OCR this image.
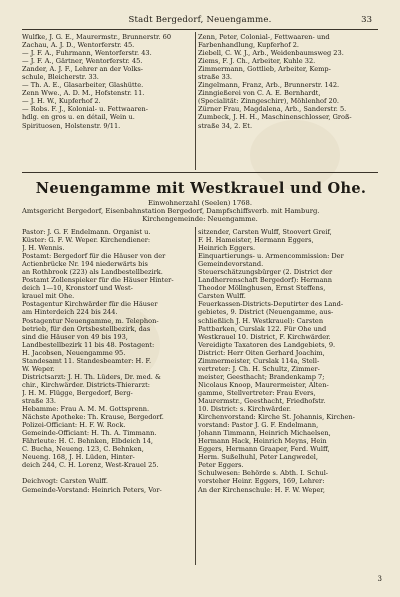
Stadt Bergedorf, Neuengamme.	33
Wulfke, J. G. E., Maurermstr., Brunnerstr. 60
Zachau, A. J. D., Wentorferstr. 45.
— J. F. A., Fuhrmann, Wentorferstr. 43.
— J. F. A., Gärtner, Wentorferstr. 45.
Zander, A. J. F., Lehrer an der Volks-
schule, Bleicherstr. 33.
— Th. A. E., Glasarbeiter, Glashütte.
Zenn Wwe., A. D. M., Hofstenstr. 11.
— J. H. W., Kupferhof 2.
— Robs. F. J., Kolonial- u. Fettwaaren-
hdlg. en gros u. en détail, Wein u.
Spirituosen, Holstenstr. 9/11.
Zenn, Peter, Colonial-, Fettwaaren- und
Farbenhandlung, Kupferhof 2.
Ziebell, C. W. J., Arb., Weidenbaumsweg 23.
Ziems, F. J. Ch., Arbeiter, Kuhle 32.
Zimmermann, Gottlieb, Arbeiter, Kemp-
straße 33.
Zingelmann, Franz, Arb., Brunnerstr. 142.
Zinngießerei von C. A. E. Bernhardt,
(Specialität: Zinngeschirr), Möhlenhof 20.
Zürner Frau, Magdalena, Arb., Sanderstr. 5.
Zumbeck, J. H. H., Maschinenschlosser, Groß-
straße 34, 2. Et.
Neuengamme mit Westkrauel und Ohe.
Einwohnerzahl (Seelen) 1768.
Amtsgericht Bergedorf, Eisenbahnstation Bergedorf, Dampfschiffsverb. mit Hamburg.
Kirchengemeinde: Neuengamme.
Pastor: J. G. F. Endelmann. Organist u.
Küster: G. F. W. Weper. Kirchendiener:
J. H. Wennis.
Postamt: Bergedorf für die Häuser von der
Actienbrücke Nr. 194 niederwärts bis
an Rothbrook (223) als Landbestellbezirk.
Postamt Zollenspieker für die Häuser Hinter-
deich 1—10, Kronstorf und West-
krauel mit Ohe.
Postagentur Kirchwärder für die Häuser
am Hinterdeich 224 bis 244.
Postagentur Neuengamme, m. Telephon-
betrieb, für den Ortsbestellbezirk, das
sind die Häuser von 49 bis 193,
Landbestellbezirk 11 bis 48. Postagent:
H. Jacobsen, Neuengamme 95.
Standesamt 11. Standesbeamter: H. F.
W. Weper.
Districtsarzt: J. H. Th. Lüders, Dr. med. &
chir., Kirchwärder. Districts-Thierarzt:
J. H. M. Flügge, Bergedorf, Berg-
straße 33.
Hebamme: Frau A. M. M. Gottsprenn.
Nächste Apotheke: Th. Krause, Bergedorf.
Polizei-Officiant: H. F. W. Rock.
Gemeinde-Officiant: H. Th. A. Timmann.
Fährleute: H. C. Behnken, Elbdeich 14,
C. Bucha, Neueng. 123, C. Behnken,
Neueng. 168, J. H. Lüden, Hinter-
deich 244, C. H. Lorenz, West-Krauel 25.

Deichvogt: Carsten Wulff.
Gemeinde-Vorstand: Heinrich Peters, Vor-
sitzender, Carsten Wulff, Stoovert Greif,
F. H. Hameister, Hermann Eggers,
Heinrich Eggers.
Einquartierungs- u. Armencommission: Der
Gemeindevorstand.
Steuerschätzungsbürger (2. District der
Landherrenschaft Bergedorf): Hermann
Theodor Möllnghusen, Ernst Steffens,
Carsten Wulff.
Feuerkassen-Districts-Deputirter des Land-
gebietes, 9. District (Neuengamme, aus-
schließlich J. H. Westkrauel): Carsten
Pattbarken, Curslak 122. Für Ohe und
Westkrauel 10. District, F. Kirchwärder.
Vereidigte Taxatoren des Landgebiets, 9.
District: Herr Oiten Gerhard Joachim,
Zimmermeister, Curslak 114a, Stell-
vertreter: J. Ch. H. Schultz, Zimmer-
meister, Geesthacht; Brandenkamp 7;
Nicolaus Knoop, Maurermeister, Alten-
gamme, Stellvertreter: Frau Evers,
Maurermstr., Geesthacht, Friedhofstr.
10. District: s. Kirchwärder.
Kirchenvorstand: Kirche St. Johannis, Kirchen-
vorstand: Pastor J. G. F. Endelmann,
Johann Timmann, Heinrich Michaelsen,
Hermann Hack, Heinrich Meyns, Hein
Eggers, Hermann Graaper, Ferd. Wulff,
Herm. Sußelhuhl, Peter Langwedel,
Peter Eggers.
Schulwesen: Behörde s. Abth. I. Schul-
vorsteher Heinr. Eggers, 169, Lehrer:
An der Kirchenschule: H. F. W. Weper,
3
